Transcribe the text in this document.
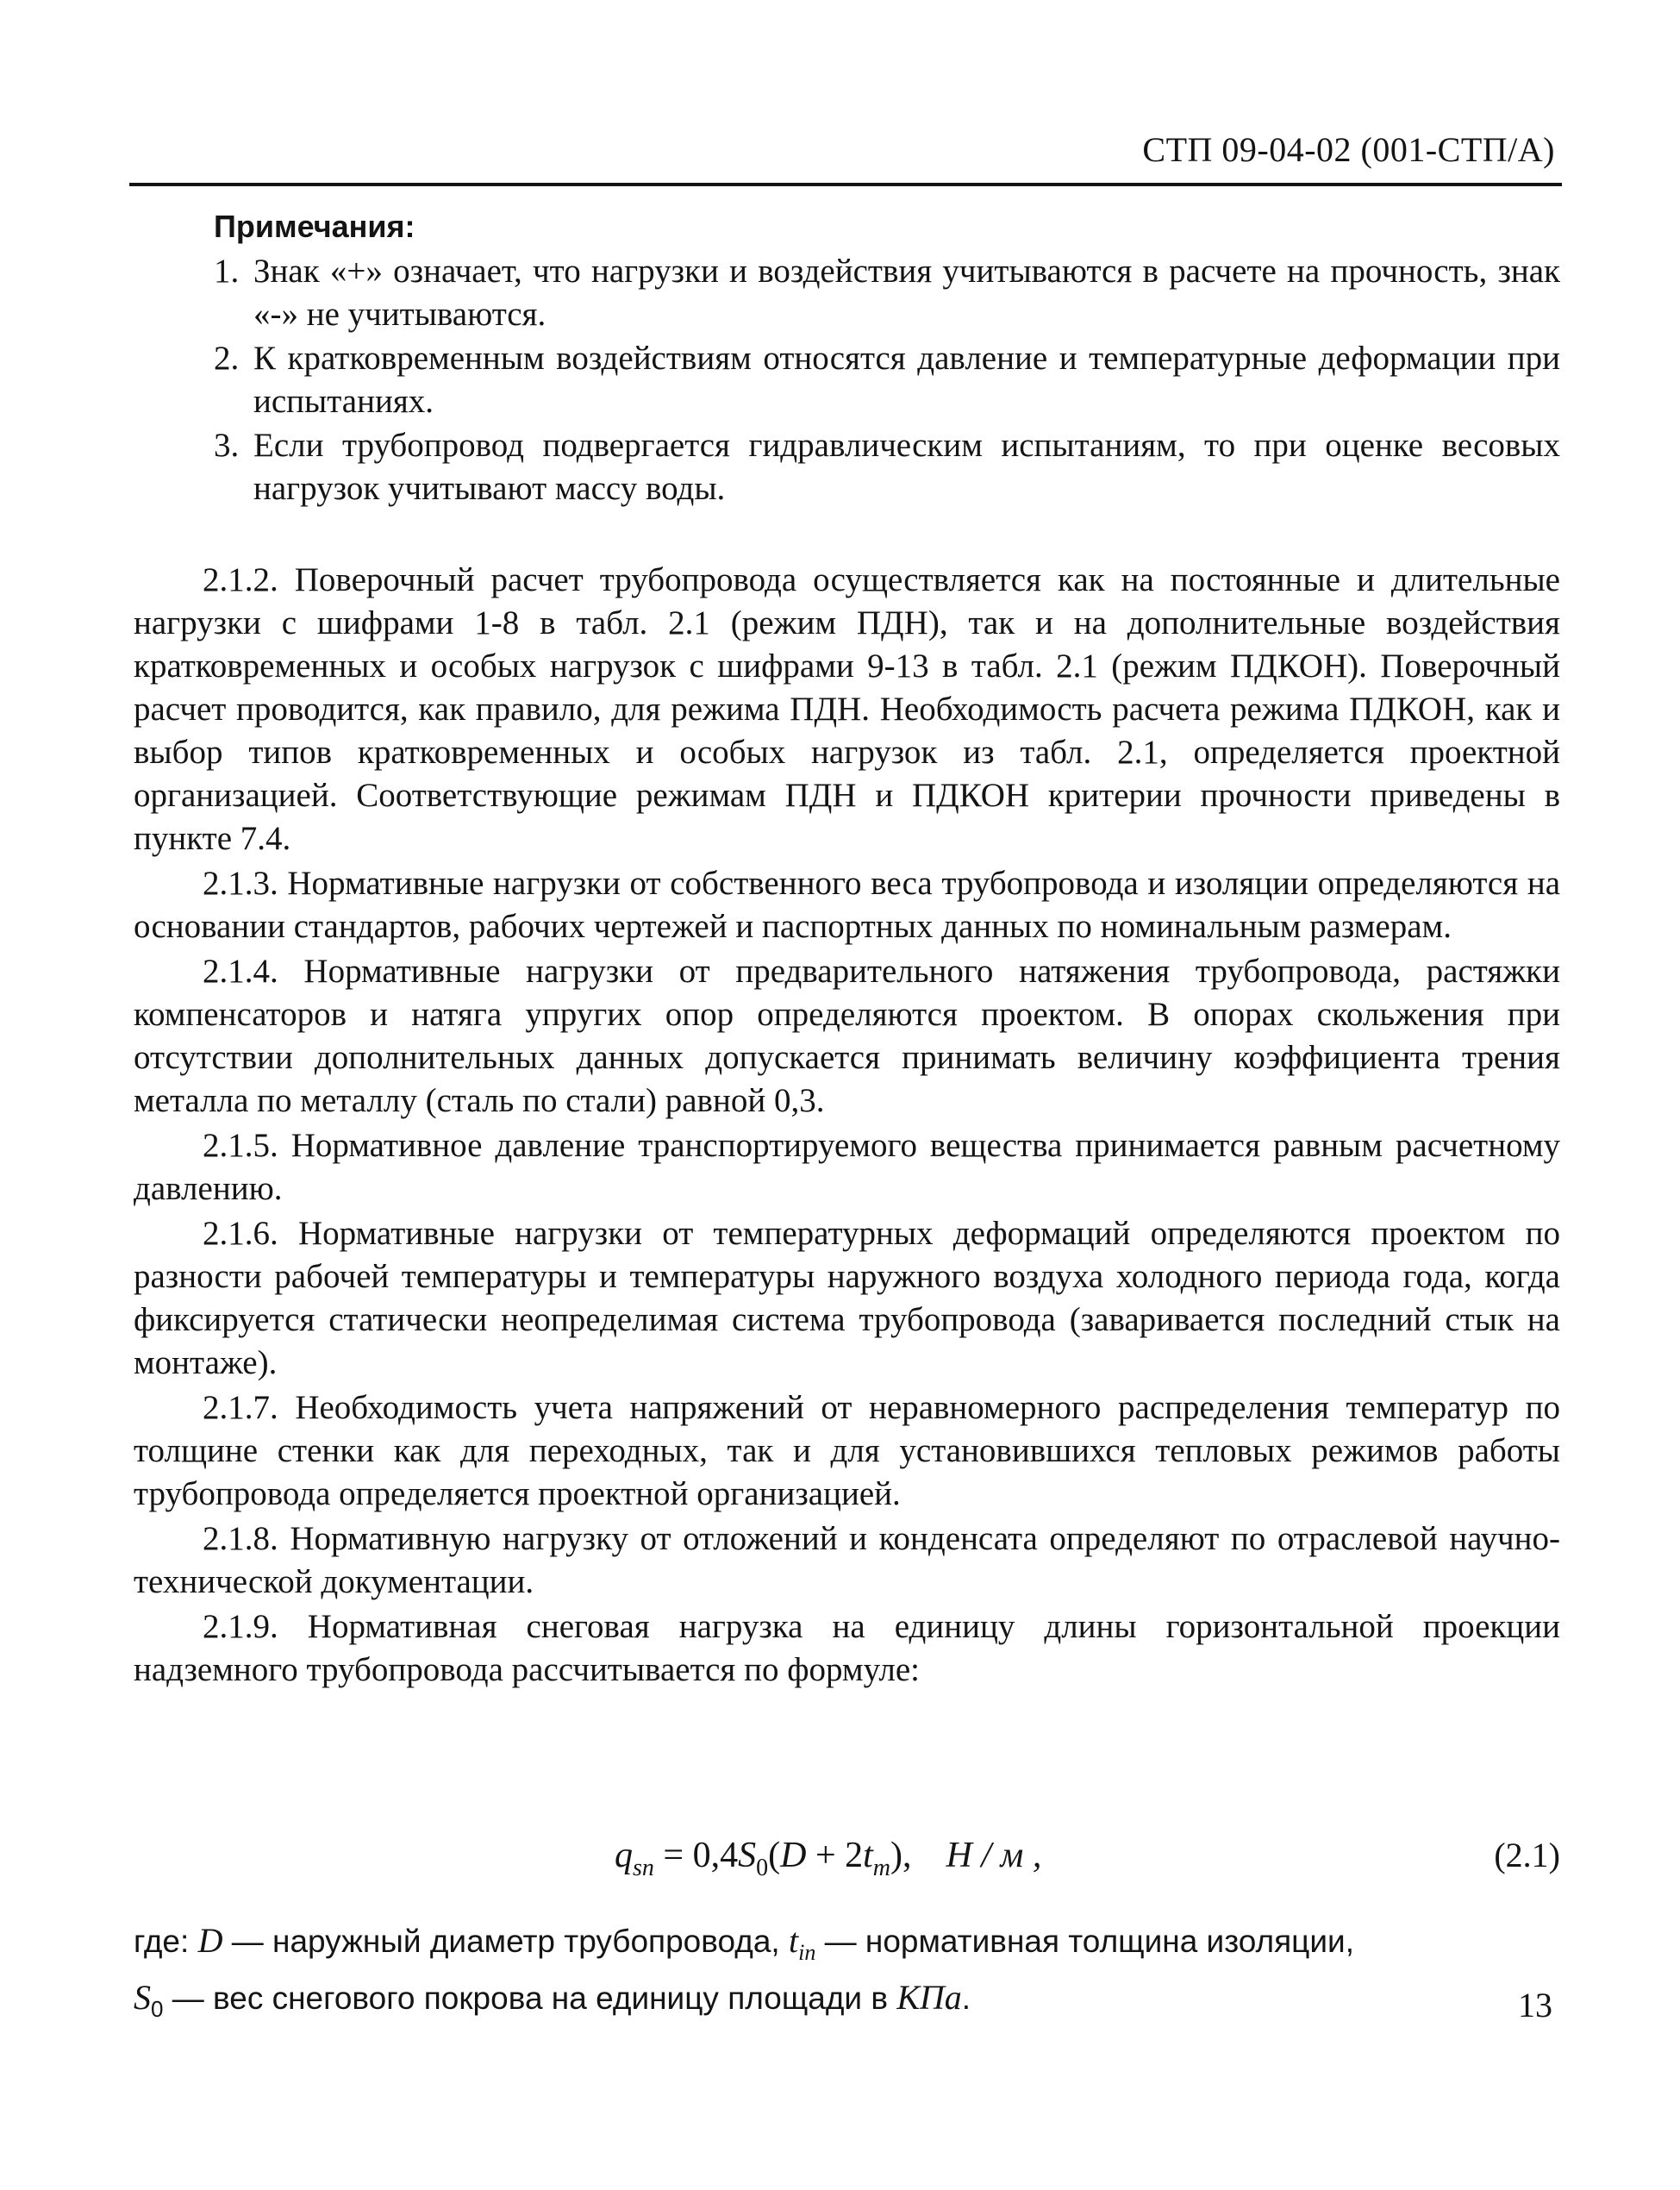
СТП 09-04-02 (001-СТП/А)
Примечания:
1. Знак «+» означает, что нагрузки и воздействия учитываются в расчете на прочность, знак «-» не учитываются.
2. К кратковременным воздействиям относятся давление и температурные деформации при испытаниях.
3. Если трубопровод подвергается гидравлическим испытаниям, то при оценке весовых нагрузок учитывают массу воды.

2.1.2. Поверочный расчет трубопровода осуществляется как на постоянные и длительные нагрузки с шифрами 1-8 в табл. 2.1 (режим ПДН), так и на дополнительные воздействия кратковременных и особых нагрузок с шифрами 9-13 в табл. 2.1 (режим ПДКОН). Поверочный расчет проводится, как правило, для режима ПДН. Необходимость расчета режима ПДКОН, как и выбор типов кратковременных и особых нагрузок из табл. 2.1, определяется проектной организацией. Соответствующие режимам ПДН и ПДКОН критерии прочности приведены в пункте 7.4.

2.1.3. Нормативные нагрузки от собственного веса трубопровода и изоляции определяются на основании стандартов, рабочих чертежей и паспортных данных по номинальным размерам.

2.1.4. Нормативные нагрузки от предварительного натяжения трубопровода, растяжки компенсаторов и натяга упругих опор определяются проектом. В опорах скольжения при отсутствии дополнительных данных допускается принимать величину коэффициента трения металла по металлу (сталь по стали) равной 0,3.

2.1.5. Нормативное давление транспортируемого вещества принимается равным расчетному давлению.

2.1.6. Нормативные нагрузки от температурных деформаций определяются проектом по разности рабочей температуры и температуры наружного воздуха холодного периода года, когда фиксируется статически неопределимая система трубопровода (заваривается последний стык на монтаже).

2.1.7. Необходимость учета напряжений от неравномерного распределения температур по толщине стенки как для переходных, так и для установившихся тепловых режимов работы трубопровода определяется проектной организацией.

2.1.8. Нормативную нагрузку от отложений и конденсата определяют по отраслевой научно-технической документации.

2.1.9. Нормативная снеговая нагрузка на единицу длины горизонтальной проекции надземного трубопровода рассчитывается по формуле:

$q_{sn} = 0,4S_0(D + 2t_m)$, Н / м ,	(2.1)
где: D — наружный диаметр трубопровода, $t_{in}$ — нормативная толщина изоляции,
$S_0$ — вес снегового покрова на единицу площади в КПа.	13
